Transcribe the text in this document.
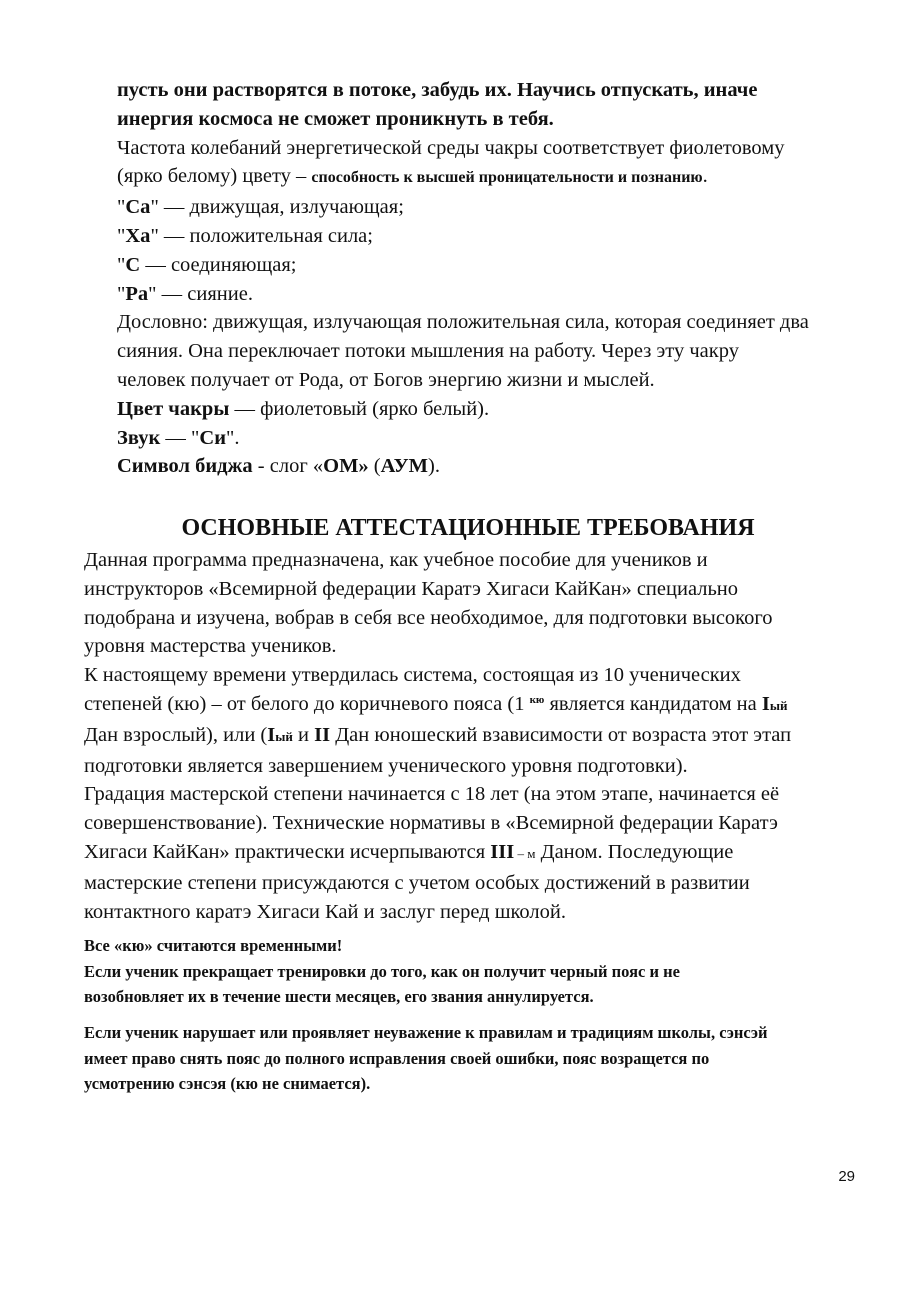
пусть они растворятся в потоке, забудь их. Научись отпускать, иначе

инергия космоса не сможет проникнуть в тебя.

Частота колебаний энергетической среды чакры соответствует фиолетовому

(ярко белому) цвету – способность к высшей проницательности и познанию.

"Са" — движущая, излучающая;

"Ха" — положительная сила;

"С — соединяющая;

"Ра" — сияние.

Дословно: движущая, излучающая положительная сила, которая соединяет два

сияния. Она переключает потоки мышления на работу. Через эту чакру

человек получает от Рода, от Богов энергию жизни и мыслей.

Цвет чакры — фиолетовый (ярко белый).

Звук — "Си".

Символ биджа - слог «ОМ» (АУМ).

ОСНОВНЫЕ АТТЕСТАЦИОННЫЕ ТРЕБОВАНИЯ

Данная программа предназначена, как учебное пособие для учеников и

инструкторов «Всемирной федерации Каратэ Хигаси КайКан» специально

подобрана и изучена, вобрав в себя все необходимое, для подготовки высокого

уровня мастерства учеников.

К настоящему времени утвердилась система, состоящая из 10 ученических

степеней (кю) – от белого до коричневого пояса (1 $^{кю}$ является кандидатом на Iый

Дан взрослый), или (Iый и II Дан юношеский взависимости от возраста этот этап

подготовки является завершением ученического уровня подготовки).

Градация мастерской степени начинается с 18 лет (на этом этапе, начинается её

совершенствование). Технические нормативы в «Всемирной федерации Каратэ

Хигаси КайКан» практически исчерпываются III – м Даном. Последующие

мастерские степени присуждаются с учетом особых достижений в развитии

контактного каратэ Хигаси Кай и заслуг перед школой.

Все «кю» считаются временными!

Если ученик прекращает тренировки до того, как он получит черный пояс и не

возобновляет их в течение шести месяцев, его звания аннулируется.

Если ученик нарушает или проявляет неуважение к правилам и традициям школы, сэнсэй

имеет право снять пояс до полного исправления своей ошибки, пояс возращется по

усмотрению сэнсэя (кю не снимается).

29
